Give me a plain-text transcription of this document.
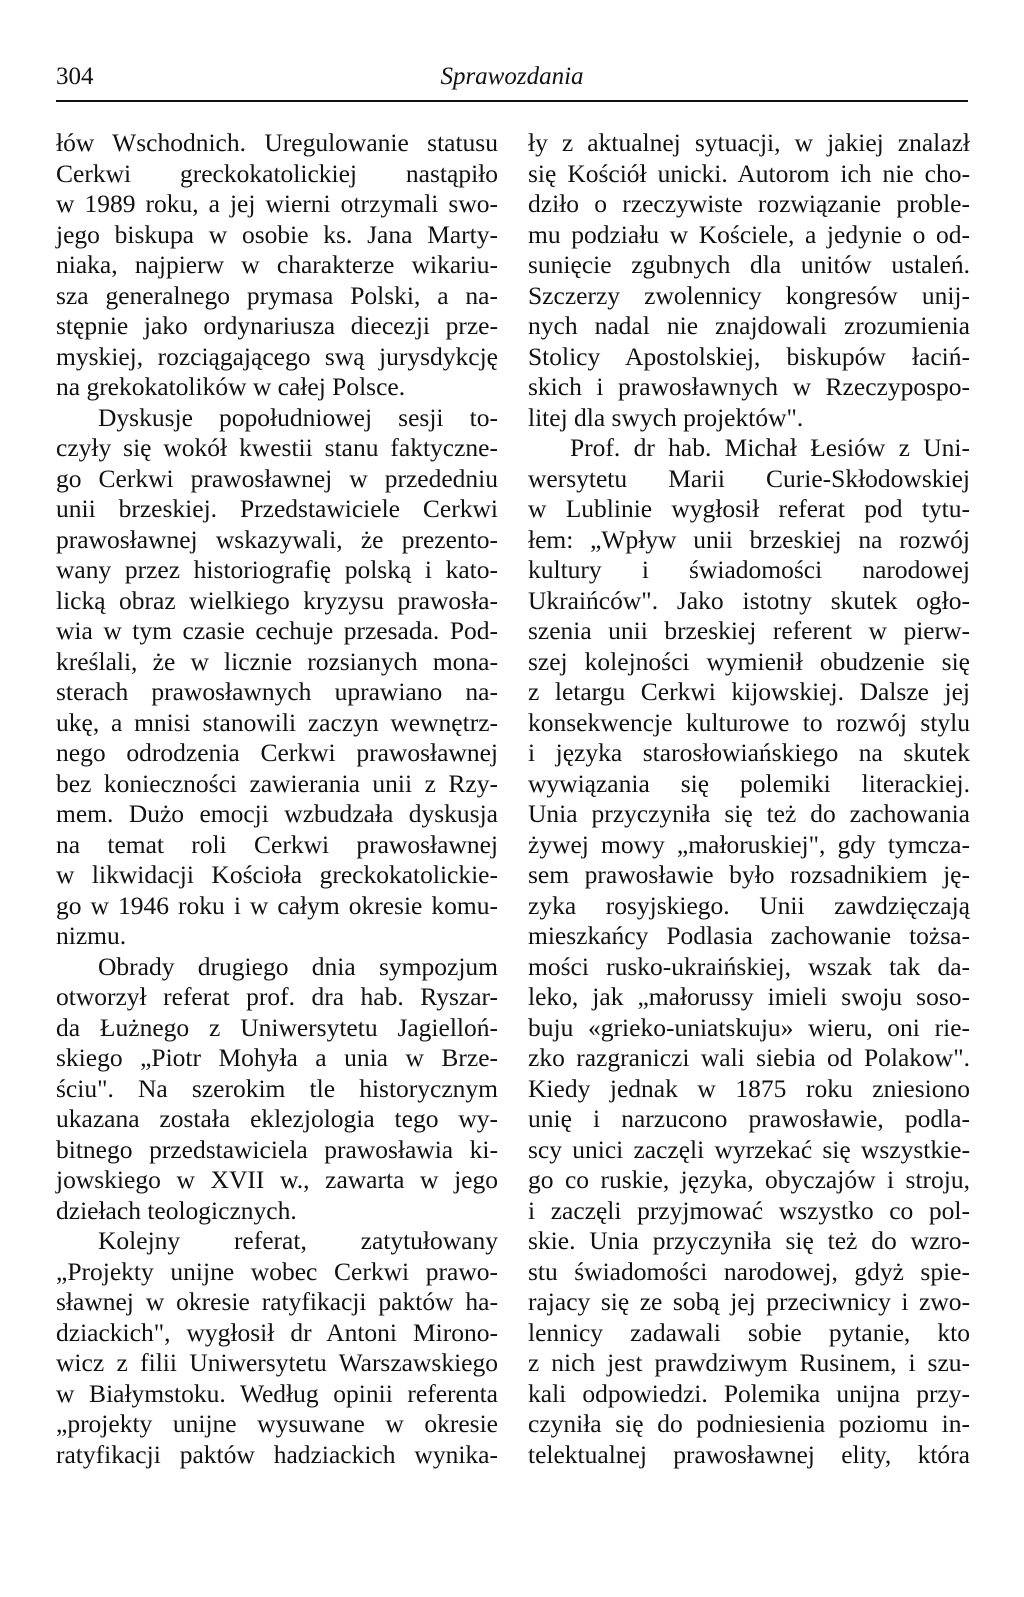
304	Sprawozdania
łów Wschodnich. Uregulowanie statusu
Cerkwi greckokatolickiej nastąpiło
w 1989 roku, a jej wierni otrzymali swo-
jego biskupa w osobie ks. Jana Marty-
niaka, najpierw w charakterze wikariu-
sza generalnego prymasa Polski, a na-
stępnie jako ordynariusza diecezji prze-
myskiej, rozciągającego swą jurysdykcję
na grekokatolików w całej Polsce.
Dyskusje popołudniowej sesji to-
czyły się wokół kwestii stanu faktyczne-
go Cerkwi prawosławnej w przededniu
unii brzeskiej. Przedstawiciele Cerkwi
prawosławnej wskazywali, że prezento-
wany przez historiografię polską i kato-
licką obraz wielkiego kryzysu prawosła-
wia w tym czasie cechuje przesada. Pod-
kreślali, że w licznie rozsianych mona-
sterach prawosławnych uprawiano na-
ukę, a mnisi stanowili zaczyn wewnętrz-
nego odrodzenia Cerkwi prawosławnej
bez konieczności zawierania unii z Rzy-
mem. Dużo emocji wzbudzała dyskusja
na temat roli Cerkwi prawosławnej
w likwidacji Kościoła greckokatolickie-
go w 1946 roku i w całym okresie komu-
nizmu.
Obrady drugiego dnia sympozjum
otworzył referat prof. dra hab. Ryszar-
da Łużnego z Uniwersytetu Jagielloń-
skiego „Piotr Mohyła a unia w Brze-
ściu". Na szerokim tle historycznym
ukazana została eklezjologia tego wy-
bitnego przedstawiciela prawosławia ki-
jowskiego w XVII w., zawarta w jego
dziełach teologicznych.
Kolejny referat, zatytułowany
„Projekty unijne wobec Cerkwi prawo-
sławnej w okresie ratyfikacji paktów ha-
dziackich", wygłosił dr Antoni Mirono-
wicz z filii Uniwersytetu Warszawskiego
w Białymstoku. Według opinii referenta
„projekty unijne wysuwane w okresie
ratyfikacji paktów hadziackich wynika-
ły z aktualnej sytuacji, w jakiej znalazł
się Kościół unicki. Autorom ich nie cho-
dziło o rzeczywiste rozwiązanie proble-
mu podziału w Kościele, a jedynie o od-
sunięcie zgubnych dla unitów ustaleń.
Szczerzy zwolennicy kongresów unij-
nych nadal nie znajdowali zrozumienia
Stolicy Apostolskiej, biskupów łaciń-
skich i prawosławnych w Rzeczypospo-
litej dla swych projektów".
Prof. dr hab. Michał Łesiów z Uni-
wersytetu Marii Curie-Skłodowskiej
w Lublinie wygłosił referat pod tytu-
łem: „Wpływ unii brzeskiej na rozwój
kultury i świadomości narodowej
Ukraińców". Jako istotny skutek ogło-
szenia unii brzeskiej referent w pierw-
szej kolejności wymienił obudzenie się
z letargu Cerkwi kijowskiej. Dalsze jej
konsekwencje kulturowe to rozwój stylu
i języka starosłowiańskiego na skutek
wywiązania się polemiki literackiej.
Unia przyczyniła się też do zachowania
żywej mowy „małoruskiej", gdy tymcza-
sem prawosławie było rozsadnikiem ję-
zyka rosyjskiego. Unii zawdzięczają
mieszkańcy Podlasia zachowanie tożsa-
mości rusko-ukraińskiej, wszak tak da-
leko, jak „małorussy imieli swoju soso-
buju «grieko-uniatskuju» wieru, oni rie-
zko razgraniczi wali siebia od Polakow".
Kiedy jednak w 1875 roku zniesiono
unię i narzucono prawosławie, podla-
scy unici zaczęli wyrzekać się wszystkie-
go co ruskie, języka, obyczajów i stroju,
i zaczęli przyjmować wszystko co pol-
skie. Unia przyczyniła się też do wzro-
stu świadomości narodowej, gdyż spie-
rajacy się ze sobą jej przeciwnicy i zwo-
lennicy zadawali sobie pytanie, kto
z nich jest prawdziwym Rusinem, i szu-
kali odpowiedzi. Polemika unijna przy-
czyniła się do podniesienia poziomu in-
telektualnej prawosławnej elity, która
